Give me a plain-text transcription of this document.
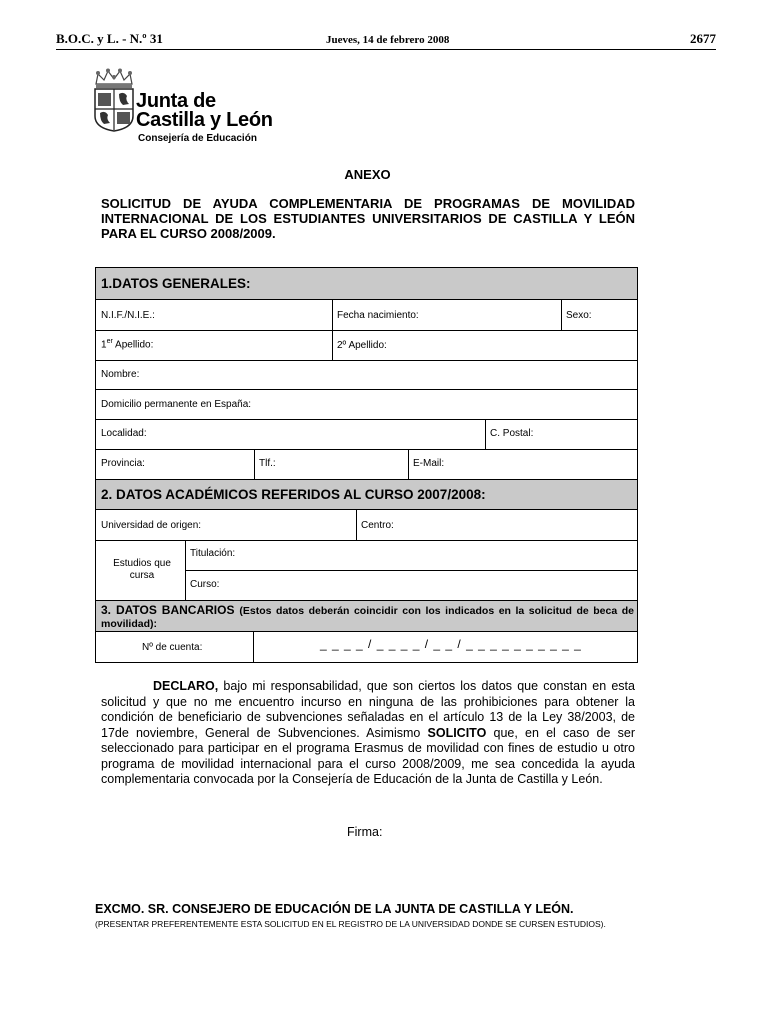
B.O.C. y L. - N.º 31	Jueves, 14 de febrero 2008	2677
Junta de
Castilla y León
Consejería de Educación
ANEXO
SOLICITUD DE AYUDA COMPLEMENTARIA DE PROGRAMAS DE MOVILIDAD INTERNACIONAL DE LOS ESTUDIANTES UNIVERSITARIOS DE CASTILLA Y LEÓN PARA EL CURSO 2008/2009.
1.DATOS GENERALES:
N.I.F./N.I.E.:	Fecha nacimiento:	Sexo:
1er Apellido:	2º Apellido:
Nombre:
Domicilio permanente en España:
Localidad:	C. Postal:
Provincia:	Tlf.:	E-Mail:
2. DATOS ACADÉMICOS REFERIDOS AL CURSO 2007/2008:
Universidad de origen:	Centro:
Estudios que cursa
Titulación:
Curso:
3. DATOS BANCARIOS (Estos datos deberán coincidir con los indicados en la solicitud de beca de movilidad):
Nº de cuenta:	_ _ _ _ / _ _ _ _ / _ _ / _ _ _ _ _ _ _ _ _ _
DECLARO, bajo mi responsabilidad, que son ciertos los datos que constan en esta solicitud y que no me encuentro incurso en ninguna de las prohibiciones para obtener la condición de beneficiario de subvenciones señaladas en el artículo 13 de la Ley 38/2003, de 17de noviembre, General de Subvenciones. Asimismo SOLICITO que, en el caso de ser seleccionado para participar en el programa Erasmus de movilidad con fines de estudio u otro programa de movilidad internacional para el curso 2008/2009, me sea concedida la ayuda complementaria convocada por la Consejería de Educación de la Junta de Castilla y León.
Firma:
EXCMO. SR. CONSEJERO DE EDUCACIÓN DE LA JUNTA DE CASTILLA Y LEÓN.
(PRESENTAR PREFERENTEMENTE ESTA SOLICITUD EN EL REGISTRO DE LA UNIVERSIDAD DONDE SE CURSEN ESTUDIOS).
